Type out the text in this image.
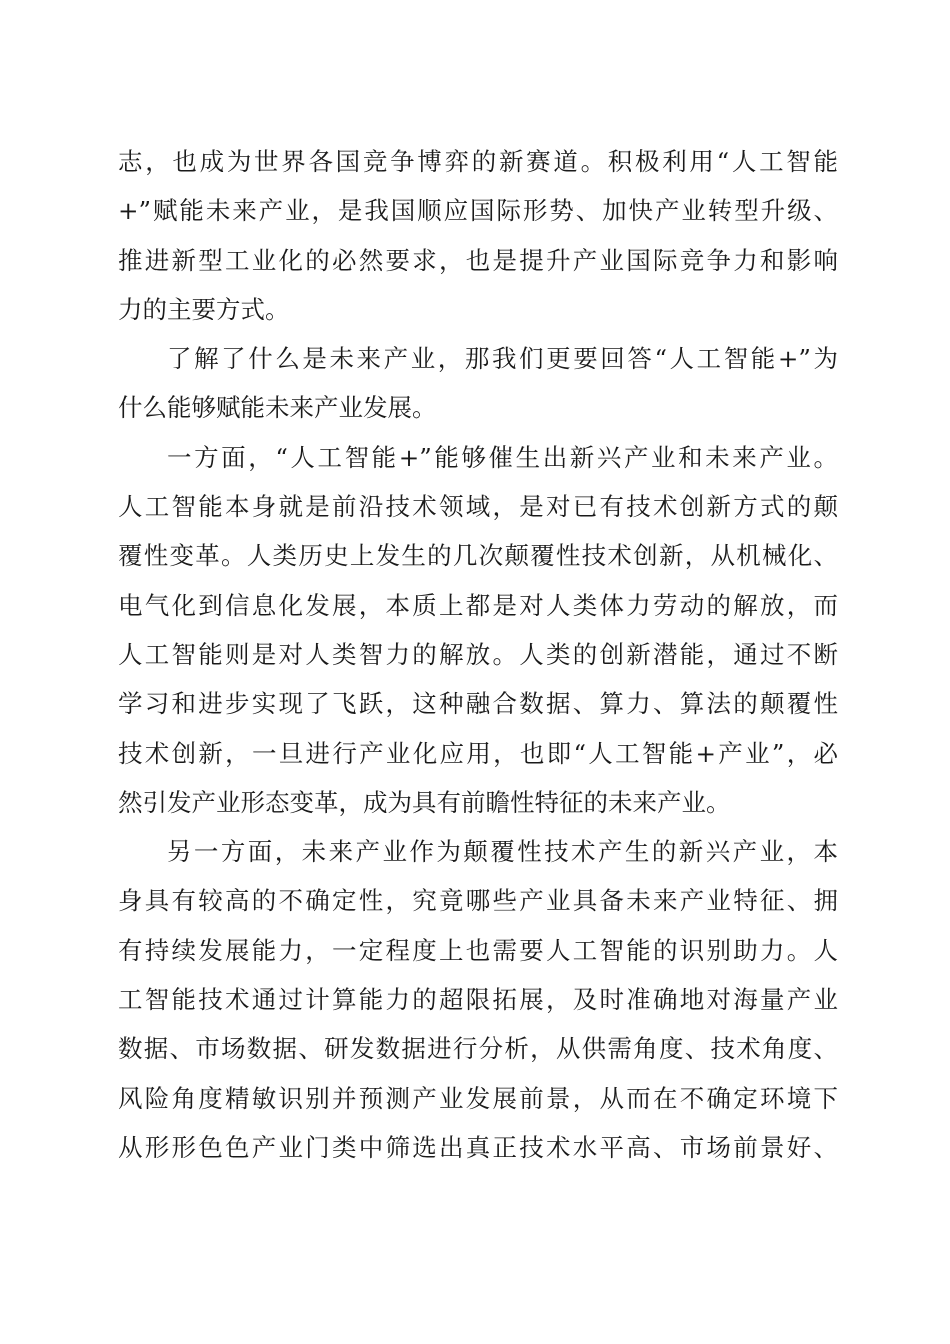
志，也成为世界各国竞争博弈的新赛道。积极利用“人工智能
+”赋能未来产业，是我国顺应国际形势、加快产业转型升级、
推进新型工业化的必然要求，也是提升产业国际竞争力和影响
力的主要方式。
了解了什么是未来产业，那我们更要回答“人工智能+”为
什么能够赋能未来产业发展。
一方面，“人工智能+”能够催生出新兴产业和未来产业。
人工智能本身就是前沿技术领域，是对已有技术创新方式的颠
覆性变革。人类历史上发生的几次颠覆性技术创新，从机械化、
电气化到信息化发展，本质上都是对人类体力劳动的解放，而
人工智能则是对人类智力的解放。人类的创新潜能，通过不断
学习和进步实现了飞跃，这种融合数据、算力、算法的颠覆性
技术创新，一旦进行产业化应用，也即“人工智能+产业”，必
然引发产业形态变革，成为具有前瞻性特征的未来产业。
另一方面，未来产业作为颠覆性技术产生的新兴产业，本
身具有较高的不确定性，究竟哪些产业具备未来产业特征、拥
有持续发展能力，一定程度上也需要人工智能的识别助力。人
工智能技术通过计算能力的超限拓展，及时准确地对海量产业
数据、市场数据、研发数据进行分析，从供需角度、技术角度、
风险角度精敏识别并预测产业发展前景，从而在不确定环境下
从形形色色产业门类中筛选出真正技术水平高、市场前景好、
